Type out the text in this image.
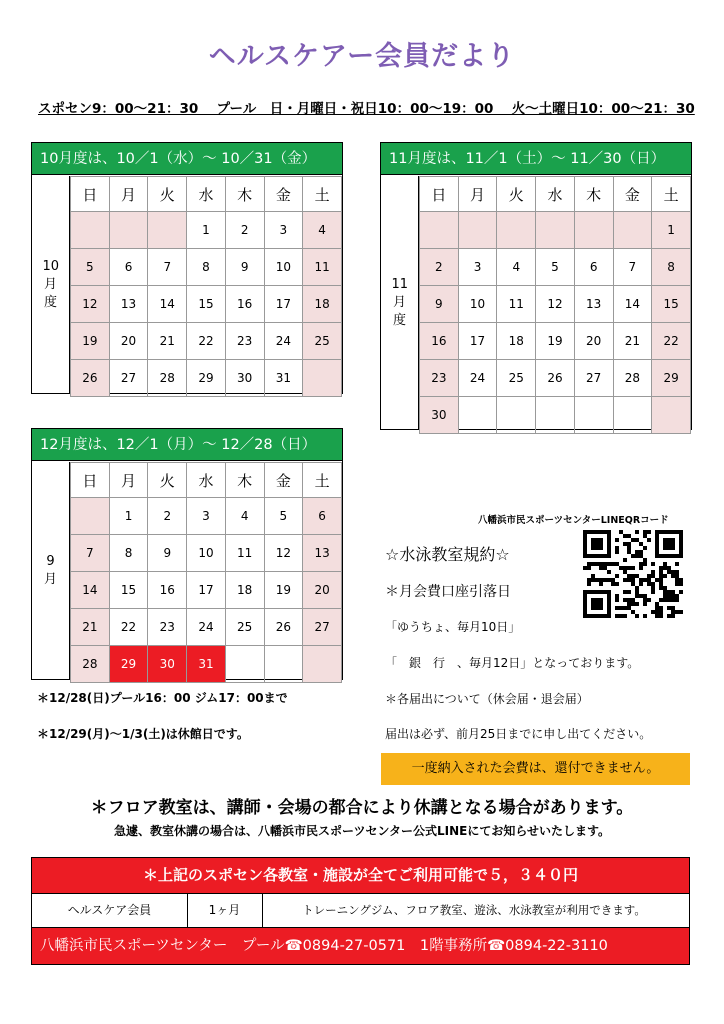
ヘルスケアー会員だより
スポセン9：00～21：30　 プール　日・月曜日・祝日10：00～19：00　 火～土曜日10：00～21：30
10月度は、10／1（水）～ 10／31（金）
10
月
度
日	月	火	水	木	金	土
			1	2	3	4
5	6	7	8	9	10	11
12	13	14	15	16	17	18
19	20	21	22	23	24	25
26	27	28	29	30	31	
11月度は、11／1（土）～ 11／30（日）
11
月
度
日	月	火	水	木	金	土
						1
2	3	4	5	6	7	8
9	10	11	12	13	14	15
16	17	18	19	20	21	22
23	24	25	26	27	28	29
30						
12月度は、12／1（月）～ 12／28（日）
9
月
日	月	火	水	木	金	土
	1	2	3	4	5	6
7	8	9	10	11	12	13
14	15	16	17	18	19	20
21	22	23	24	25	26	27
28	29	30	31			
＊12/28(日)プール16：00 ジム17：00まで
＊12/29(月)～1/3(土)は休館日です。
八幡浜市民スポーツセンターLINEQRコード
☆水泳教室規約☆
＊月会費口座引落日
「ゆうちょ、毎月10日」
「　銀　行　、毎月12日」となっております。
＊各届出について（休会届・退会届）
届出は必ず、前月25日までに申し出てください。
一度納入された会費は、還付できません。
＊フロア教室は、講師・会場の都合により休講となる場合があります。
急遽、教室休講の場合は、八幡浜市民スポーツセンター公式LINEにてお知らせいたします。
＊上記のスポセン各教室・施設が全てご利用可能で５，３４０円
ヘルスケア会員	1ヶ月	トレーニングジム、フロア教室、遊泳、水泳教室が利用できます。
八幡浜市民スポーツセンター　プール☎0894-27-0571　1階事務所☎0894-22-3110
